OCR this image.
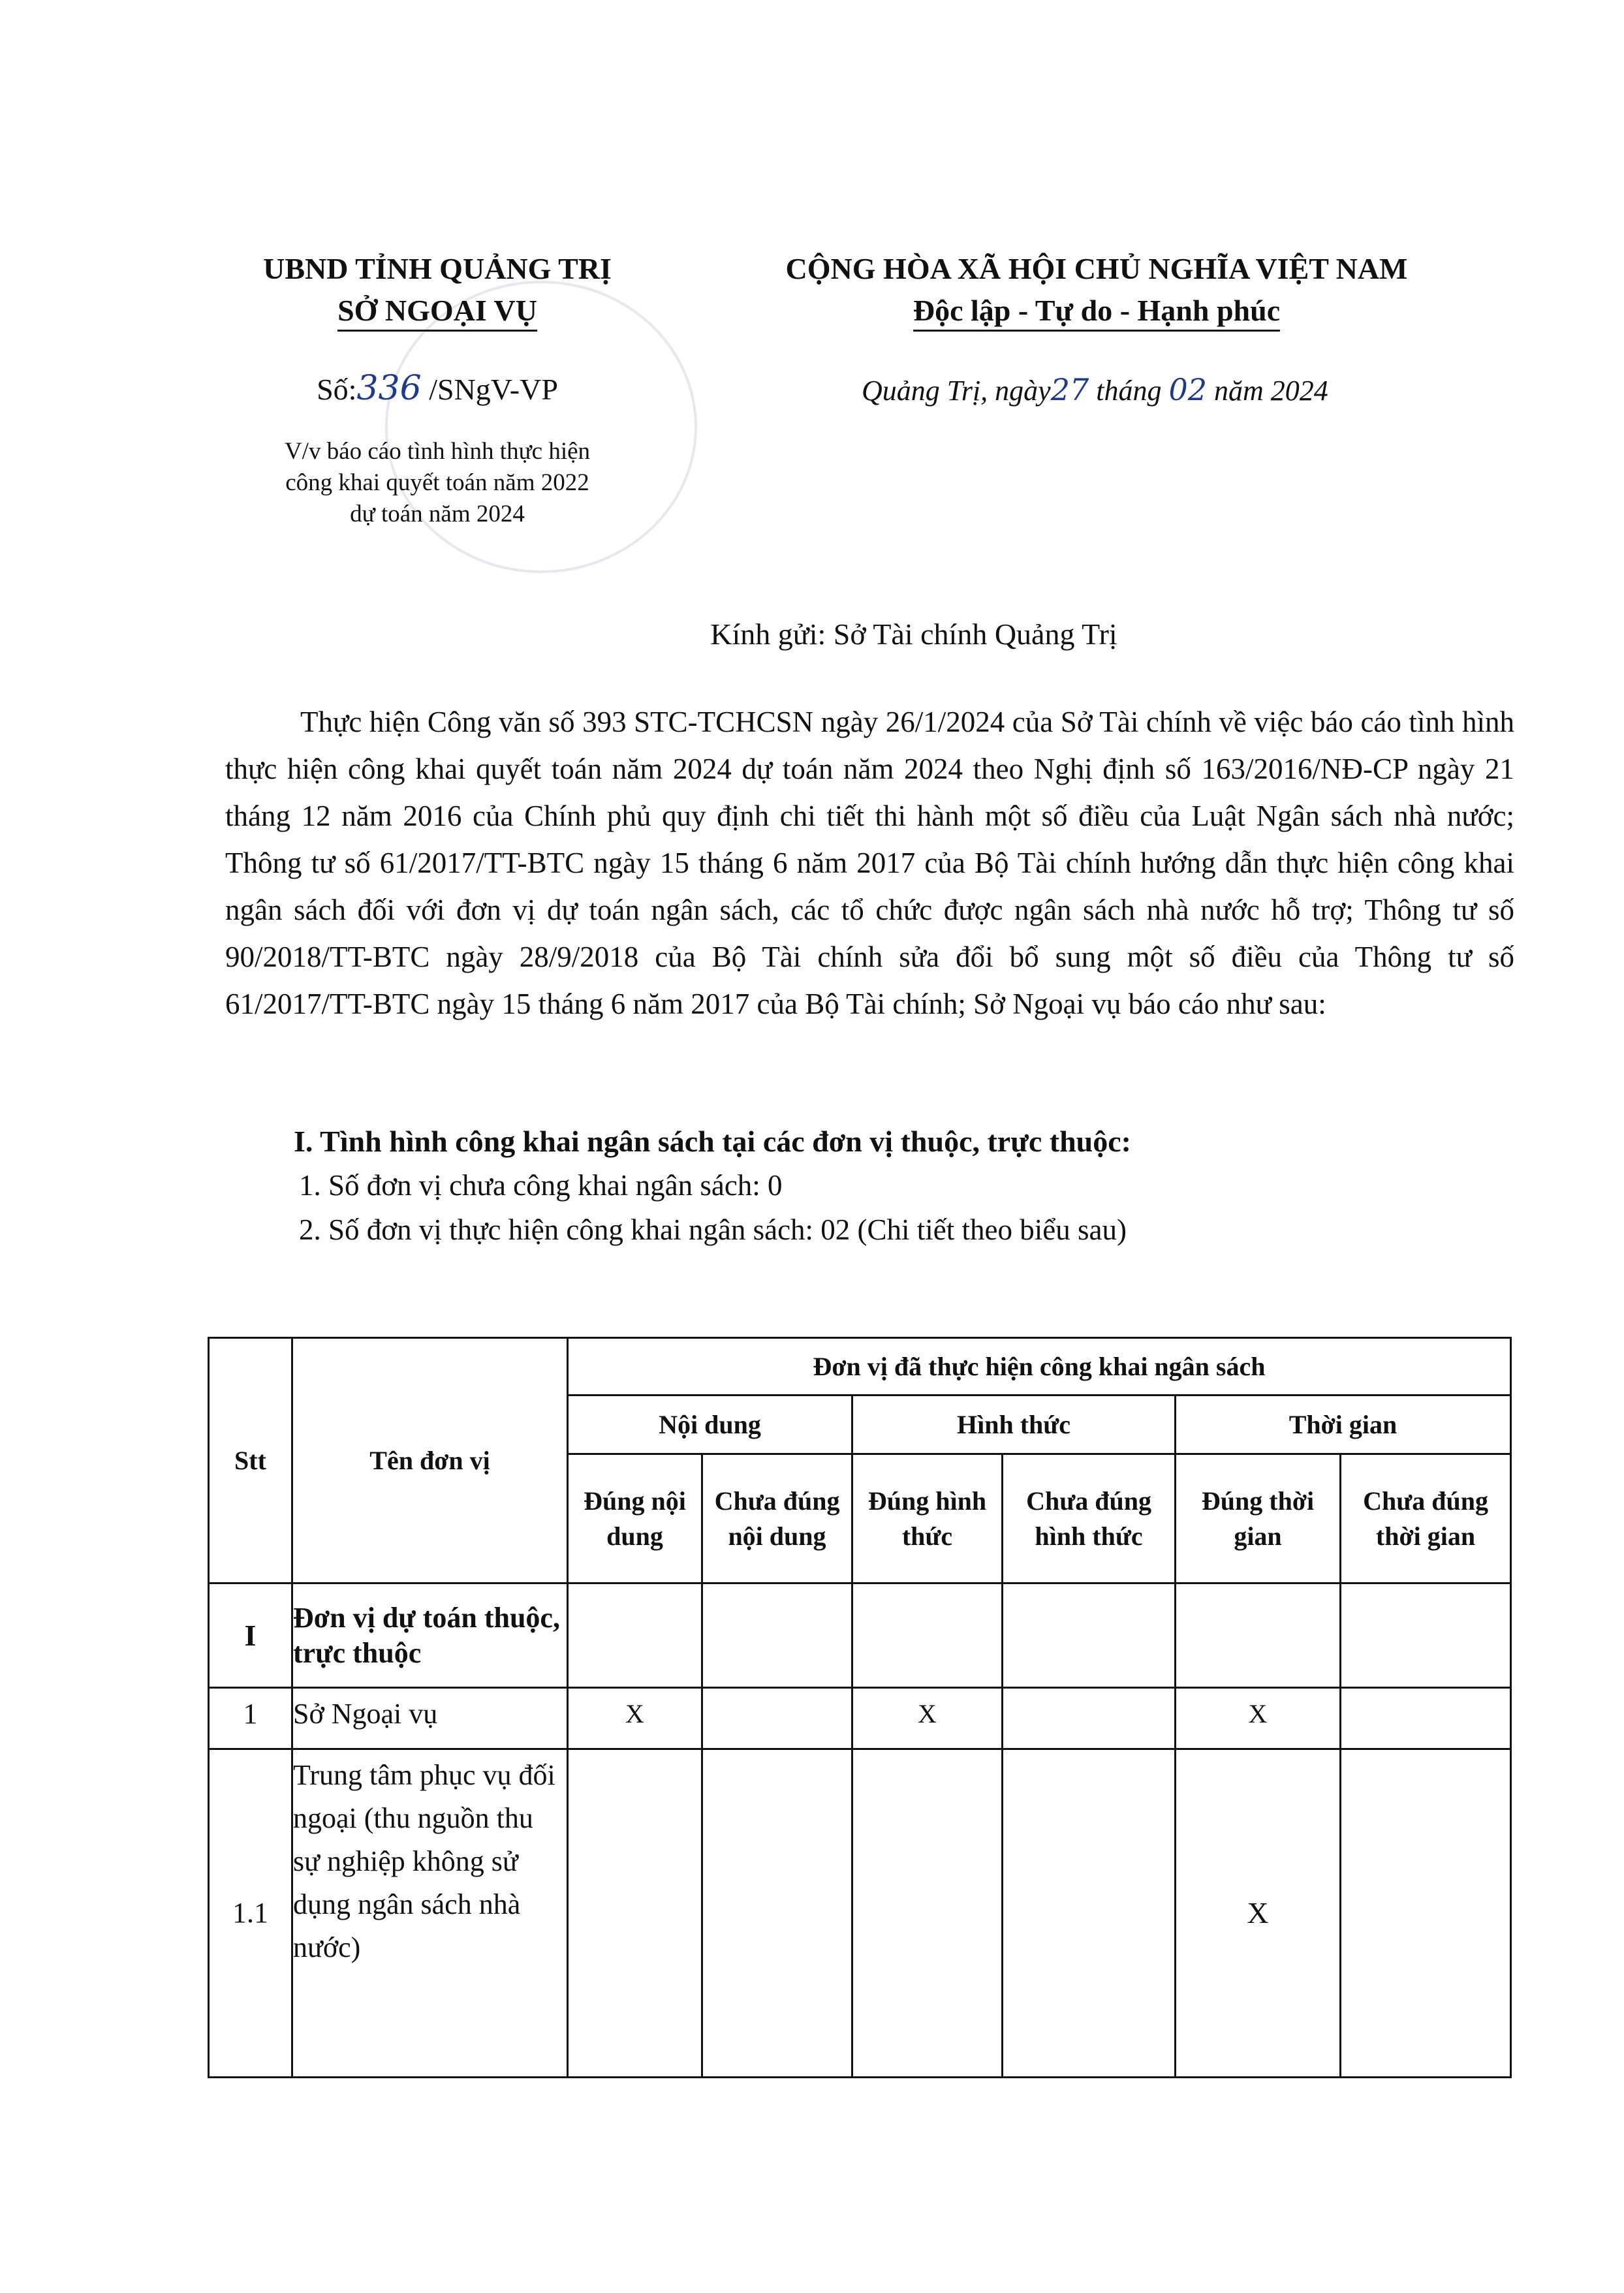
UBND TỈNH QUẢNG TRỊ
SỞ NGOẠI VỤ
CỘNG HÒA XÃ HỘI CHỦ NGHĨA VIỆT NAM
Độc lập - Tự do - Hạnh phúc
Số:336 /SNgV-VP	Quảng Trị, ngày27 tháng 02 năm 2024
V/v báo cáo tình hình thực hiện
công khai quyết toán năm 2022
dự toán năm 2024
Kính gửi: Sở Tài chính Quảng Trị
Thực hiện Công văn số 393 STC-TCHCSN ngày 26/1/2024 của Sở Tài chính về việc báo cáo tình hình thực hiện công khai quyết toán năm 2024 dự toán năm 2024 theo Nghị định số 163/2016/NĐ-CP ngày 21 tháng 12 năm 2016 của Chính phủ quy định chi tiết thi hành một số điều của Luật Ngân sách nhà nước; Thông tư số 61/2017/TT-BTC ngày 15 tháng 6 năm 2017 của Bộ Tài chính hướng dẫn thực hiện công khai ngân sách đối với đơn vị dự toán ngân sách, các tổ chức được ngân sách nhà nước hỗ trợ; Thông tư số 90/2018/TT-BTC ngày 28/9/2018 của Bộ Tài chính sửa đổi bổ sung một số điều của Thông tư số 61/2017/TT-BTC ngày 15 tháng 6 năm 2017 của Bộ Tài chính; Sở Ngoại vụ báo cáo như sau:
I. Tình hình công khai ngân sách tại các đơn vị thuộc, trực thuộc:
1. Số đơn vị chưa công khai ngân sách: 0
2. Số đơn vị thực hiện công khai ngân sách: 02 (Chi tiết theo biểu sau)
Stt	Tên đơn vị	Đơn vị đã thực hiện công khai ngân sách					
		Nội dung		Hình thức		Thời gian	
		Đúng nội dung	Chưa đúng nội dung	Đúng hình thức	Chưa đúng hình thức	Đúng thời gian	Chưa đúng thời gian
I	Đơn vị dự toán thuộc, trực thuộc						
1	Sở Ngoại vụ	X		X		X	
1.1	Trung tâm phục vụ đối ngoại (thu nguồn thu sự nghiệp không sử dụng ngân sách nhà nước)					X	
